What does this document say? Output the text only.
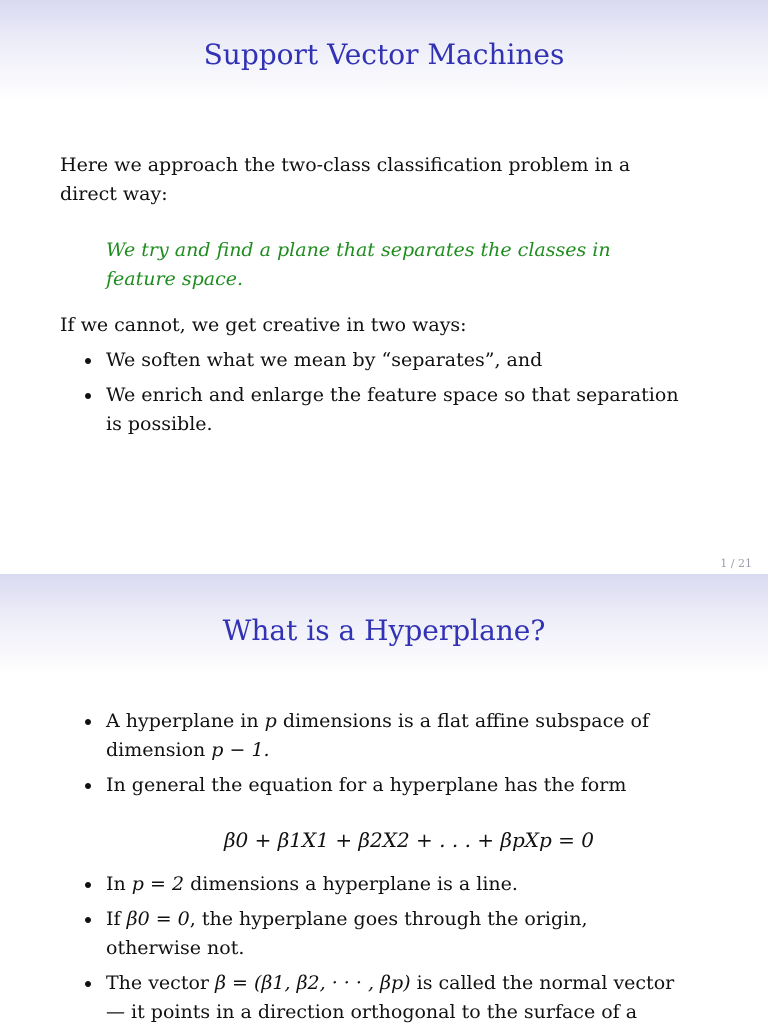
Support Vector Machines
Here we approach the two-class classification problem in a
direct way:
We try and find a plane that separates the classes in
feature space.
If we cannot, we get creative in two ways:
We soften what we mean by “separates”, and
We enrich and enlarge the feature space so that separation
is possible.
1 / 21
What is a Hyperplane?
A hyperplane in p dimensions is a flat affine subspace of
dimension p − 1.
In general the equation for a hyperplane has the form
β0 + β1X1 + β2X2 + . . . + βpXp = 0
In p = 2 dimensions a hyperplane is a line.
If β0 = 0, the hyperplane goes through the origin,
otherwise not.
The vector β = (β1, β2, · · · , βp) is called the normal vector
— it points in a direction orthogonal to the surface of a
